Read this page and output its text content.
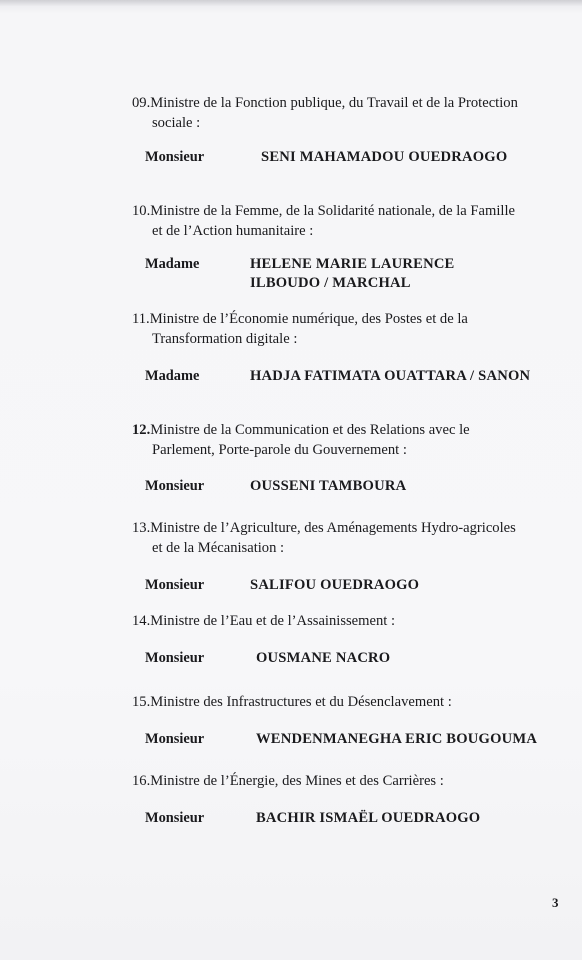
09.Ministre de la Fonction publique, du Travail et de la Protection
sociale :

Monsieur	SENI MAHAMADOU OUEDRAOGO

10.Ministre de la Femme, de la Solidarité nationale, de la Famille
et de l’Action humanitaire :

Madame	HELENE MARIE LAURENCE
ILBOUDO / MARCHAL

11.Ministre de l’Économie numérique, des Postes et de la
Transformation digitale :

Madame	HADJA FATIMATA OUATTARA / SANON

12.Ministre de la Communication et des Relations avec le
Parlement, Porte-parole du Gouvernement :

Monsieur	OUSSENI TAMBOURA

13.Ministre de l’Agriculture, des Aménagements Hydro-agricoles
et de la Mécanisation :

Monsieur	SALIFOU OUEDRAOGO

14.Ministre de l’Eau et de l’Assainissement :

Monsieur	OUSMANE NACRO

15.Ministre des Infrastructures et du Désenclavement :

Monsieur	WENDENMANEGHA ERIC BOUGOUMA

16.Ministre de l’Énergie, des Mines et des Carrières :

Monsieur	BACHIR ISMAËL OUEDRAOGO
3
